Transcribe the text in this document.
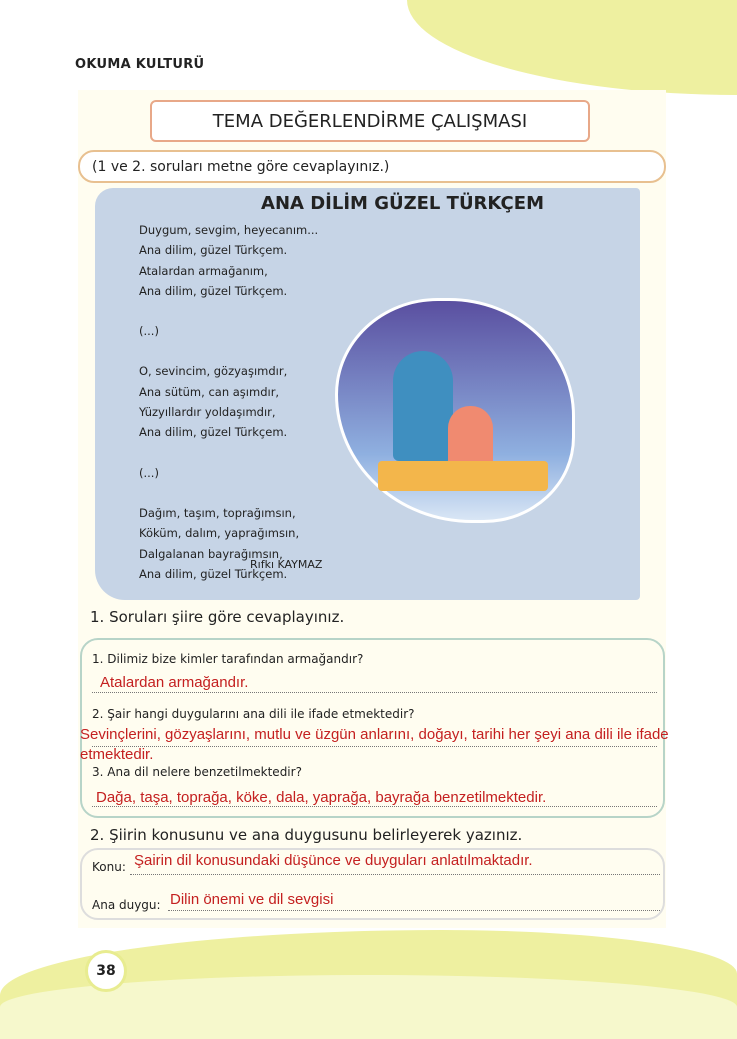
OKUMA KULTURÜ
TEMA DEĞERLENDİRME ÇALIŞMASI
(1 ve 2. soruları metne göre cevaplayınız.)
ANA DİLİM GÜZEL TÜRKÇEM
Duygum, sevgim, heyecanım...
Ana dilim, güzel Türkçem.
Atalardan armağanım,
Ana dilim, güzel Türkçem.
(...)
O, sevincim, gözyaşımdır,
Ana sütüm, can aşımdır,
Yüzyıllardır yoldaşımdır,
Ana dilim, güzel Türkçem.
(...)
Dağım, taşım, toprağımsın,
Köküm, dalım, yaprağımsın,
Dalgalanan bayrağımsın,
Ana dilim, güzel Türkçem.
Rıfkı KAYMAZ
1. Soruları şiire göre cevaplayınız.
1. Dilimiz bize kimler tarafından armağandır?
Atalardan armağandır.
2. Şair hangi duygularını ana dili ile ifade etmektedir?
Sevinçlerini, gözyaşlarını, mutlu ve üzgün anlarını, doğayı, tarihi her şeyi ana dili ile ifade etmektedir.
3. Ana dil nelere benzetilmektedir?
Dağa, taşa, toprağa, köke, dala, yaprağa, bayrağa benzetilmektedir.
2. Şiirin konusunu ve ana duygusunu belirleyerek yazınız.
Konu: Şairin dil konusundaki düşünce ve duyguları anlatılmaktadır.
Ana duygu: Dilin önemi ve dil sevgisi
38
